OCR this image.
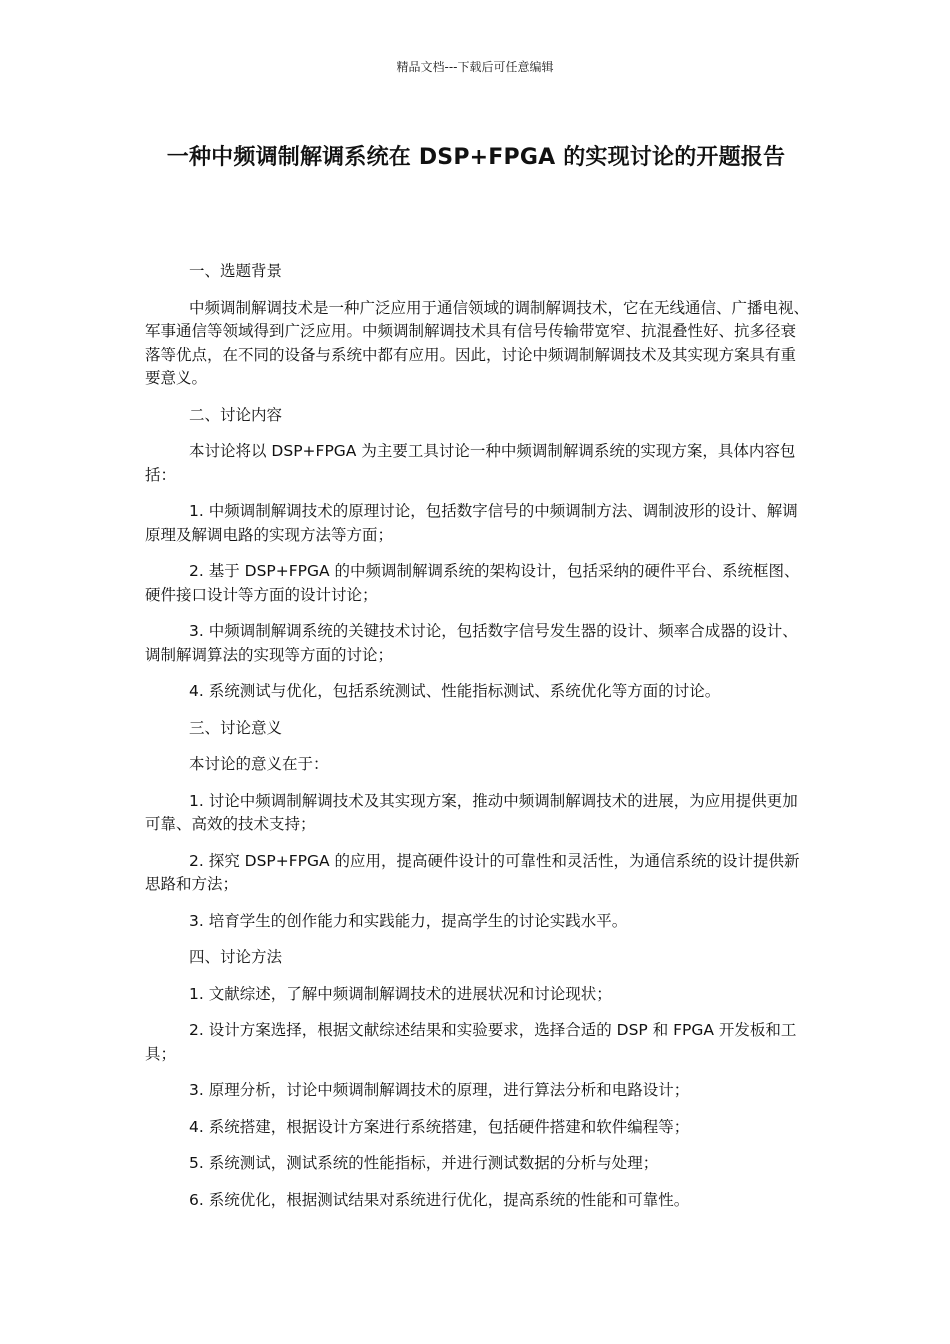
精品文档---下载后可任意编辑
一种中频调制解调系统在 DSP+FPGA 的实现讨论的开题报告

一、选题背景

中频调制解调技术是一种广泛应用于通信领域的调制解调技术，它在无线通信、广播电视、军事通信等领域得到广泛应用。中频调制解调技术具有信号传输带宽窄、抗混叠性好、抗多径衰落等优点，在不同的设备与系统中都有应用。因此，讨论中频调制解调技术及其实现方案具有重要意义。

二、讨论内容

本讨论将以 DSP+FPGA 为主要工具讨论一种中频调制解调系统的实现方案，具体内容包括：

1. 中频调制解调技术的原理讨论，包括数字信号的中频调制方法、调制波形的设计、解调原理及解调电路的实现方法等方面；

2. 基于 DSP+FPGA 的中频调制解调系统的架构设计，包括采纳的硬件平台、系统框图、硬件接口设计等方面的设计讨论；

3. 中频调制解调系统的关键技术讨论，包括数字信号发生器的设计、频率合成器的设计、调制解调算法的实现等方面的讨论；

4. 系统测试与优化，包括系统测试、性能指标测试、系统优化等方面的讨论。

三、讨论意义

本讨论的意义在于：

1. 讨论中频调制解调技术及其实现方案，推动中频调制解调技术的进展，为应用提供更加可靠、高效的技术支持；

2. 探究 DSP+FPGA 的应用，提高硬件设计的可靠性和灵活性，为通信系统的设计提供新思路和方法；

3. 培育学生的创作能力和实践能力，提高学生的讨论实践水平。

四、讨论方法

1. 文献综述，了解中频调制解调技术的进展状况和讨论现状；

2. 设计方案选择，根据文献综述结果和实验要求，选择合适的 DSP 和 FPGA 开发板和工具；

3. 原理分析，讨论中频调制解调技术的原理，进行算法分析和电路设计；

4. 系统搭建，根据设计方案进行系统搭建，包括硬件搭建和软件编程等；

5. 系统测试，测试系统的性能指标，并进行测试数据的分析与处理；

6. 系统优化，根据测试结果对系统进行优化，提高系统的性能和可靠性。
